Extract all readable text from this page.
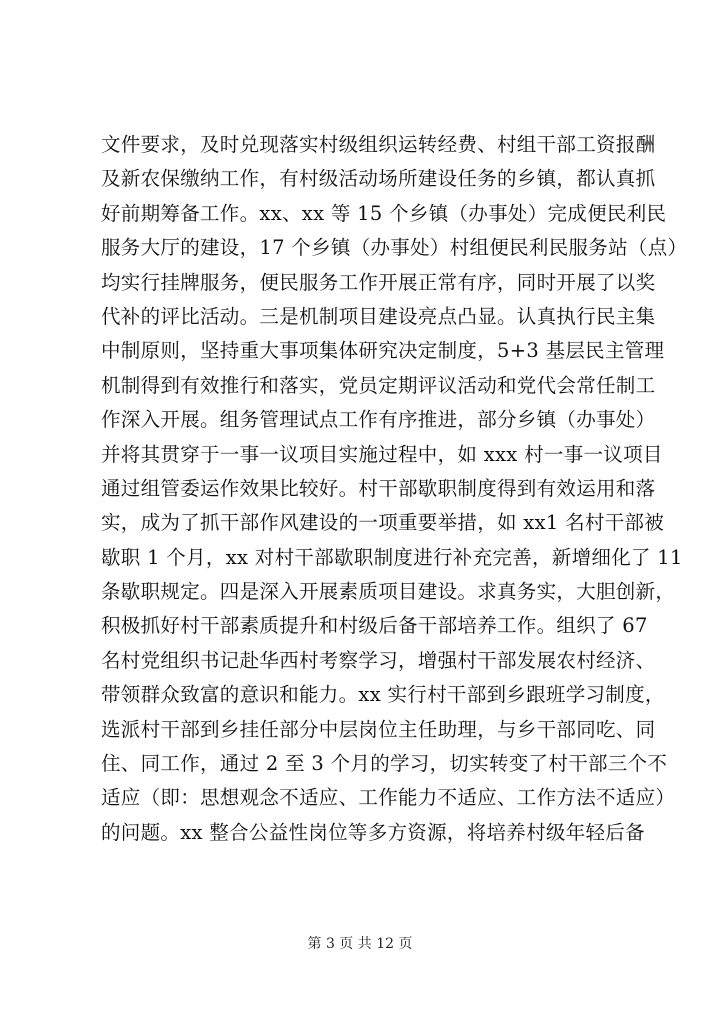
文件要求，及时兑现落实村级组织运转经费、村组干部工资报酬
及新农保缴纳工作，有村级活动场所建设任务的乡镇，都认真抓
好前期筹备工作。xx、xx 等 15 个乡镇（办事处）完成便民利民
服务大厅的建设，17 个乡镇（办事处）村组便民利民服务站（点）
均实行挂牌服务，便民服务工作开展正常有序，同时开展了以奖
代补的评比活动。三是机制项目建设亮点凸显。认真执行民主集
中制原则，坚持重大事项集体研究决定制度，5+3 基层民主管理
机制得到有效推行和落实，党员定期评议活动和党代会常任制工
作深入开展。组务管理试点工作有序推进，部分乡镇（办事处）
并将其贯穿于一事一议项目实施过程中，如 xxx 村一事一议项目
通过组管委运作效果比较好。村干部歇职制度得到有效运用和落
实，成为了抓干部作风建设的一项重要举措，如 xx1 名村干部被
歇职 1 个月，xx 对村干部歇职制度进行补充完善，新增细化了 11
条歇职规定。四是深入开展素质项目建设。求真务实，大胆创新，
积极抓好村干部素质提升和村级后备干部培养工作。组织了 67
名村党组织书记赴华西村考察学习，增强村干部发展农村经济、
带领群众致富的意识和能力。xx 实行村干部到乡跟班学习制度，
选派村干部到乡挂任部分中层岗位主任助理，与乡干部同吃、同
住、同工作，通过 2 至 3 个月的学习，切实转变了村干部三个不
适应（即：思想观念不适应、工作能力不适应、工作方法不适应）
的问题。xx 整合公益性岗位等多方资源，将培养村级年轻后备
第 3 页 共 12 页
